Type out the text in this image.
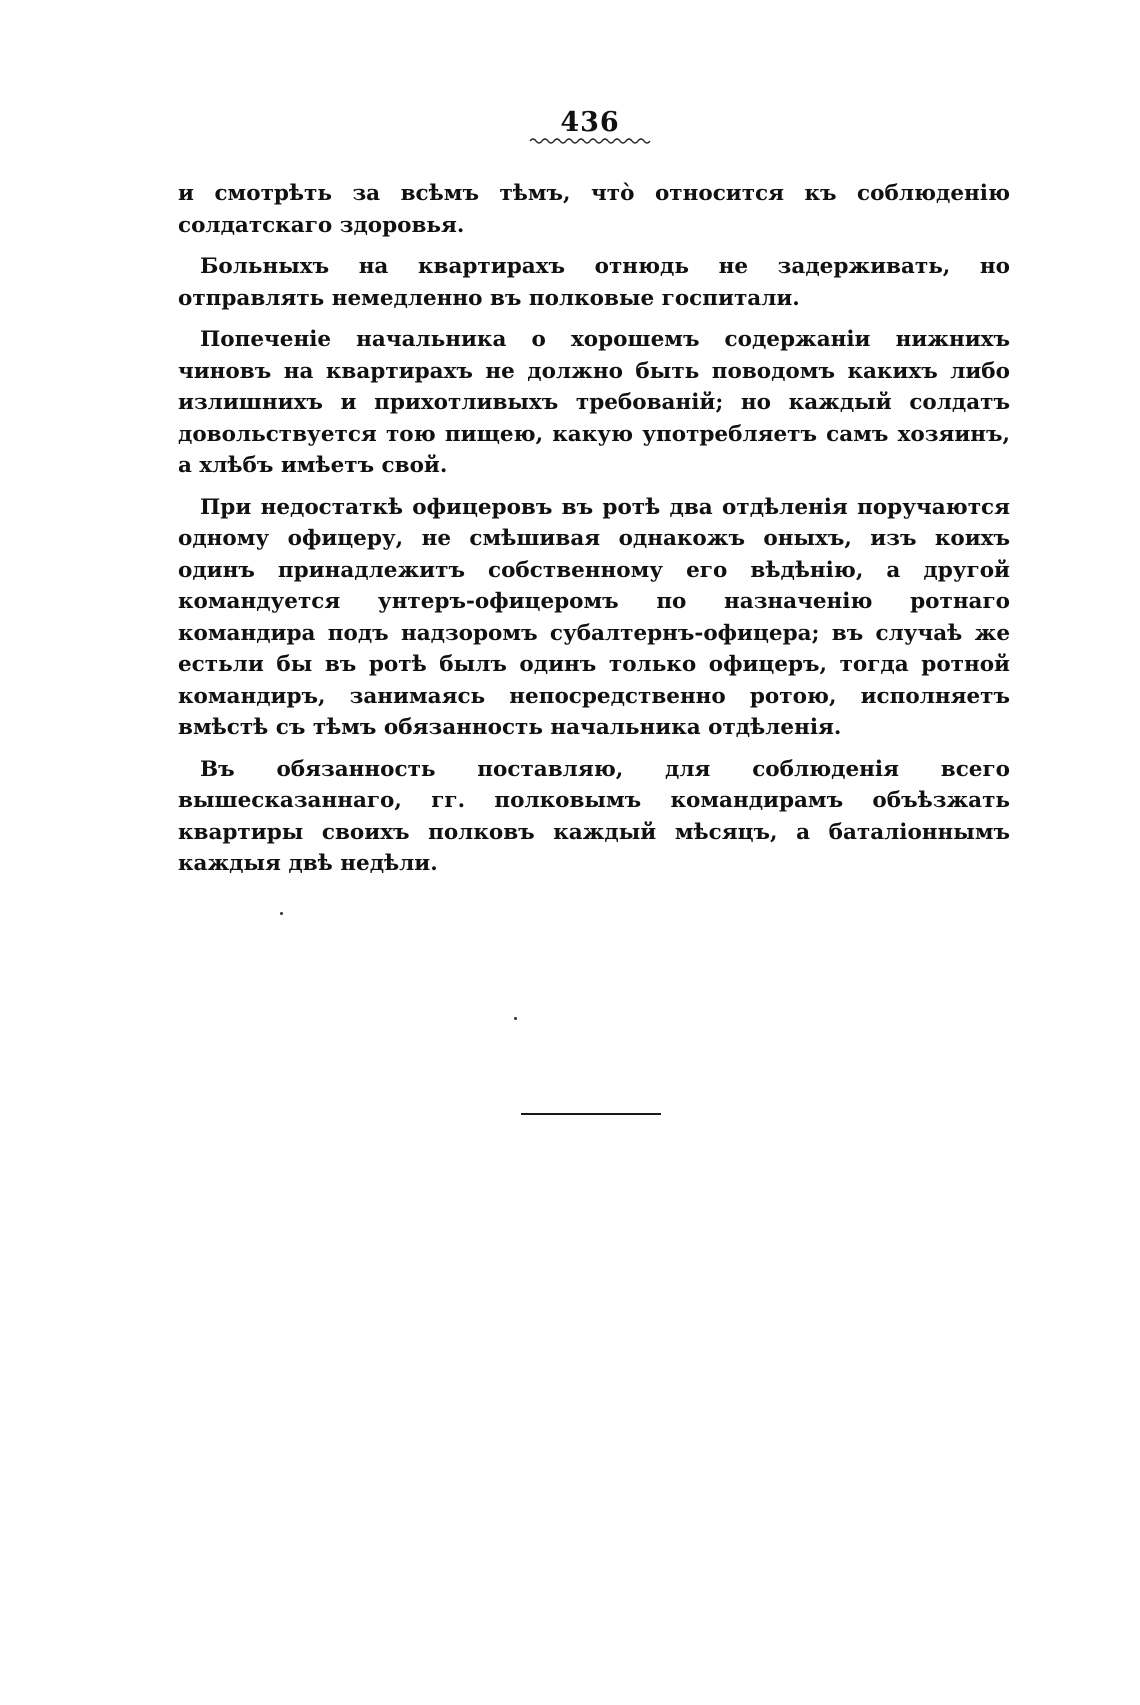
436

и смотрѣть за всѣмъ тѣмъ, что̀ относится къ соблюденію солдатскаго здоровья.

Больныхъ на квартирахъ отнюдь не задерживать, но отправлять немедленно въ полковые госпитали.

Попеченіе начальника о хорошемъ содержаніи нижнихъ чиновъ на квартирахъ не должно быть поводомъ какихъ либо излишнихъ и прихотливыхъ требованій; но каждый солдатъ довольствуется тою пищею, какую употребляетъ самъ хозяинъ, а хлѣбъ имѣетъ свой.

При недостаткѣ офицеровъ въ ротѣ два отдѣленія поручаются одному офицеру, не смѣшивая однакожъ оныхъ, изъ коихъ одинъ принадлежитъ собственному его вѣдѣнію, а другой командуется унтеръ-офицеромъ по назначенію ротнаго командира подъ надзоромъ субалтернъ-офицера; въ случаѣ же естьли бы въ ротѣ былъ одинъ только офицеръ, тогда ротной командиръ, занимаясь непосредственно ротою, исполняетъ вмѣстѣ съ тѣмъ обязанность начальника отдѣленія.

Въ обязанность поставляю, для соблюденія всего вышесказаннаго, гг. полковымъ командирамъ объѣзжать квартиры своихъ полковъ каждый мѣсяцъ, а баталіоннымъ каждыя двѣ недѣли.
